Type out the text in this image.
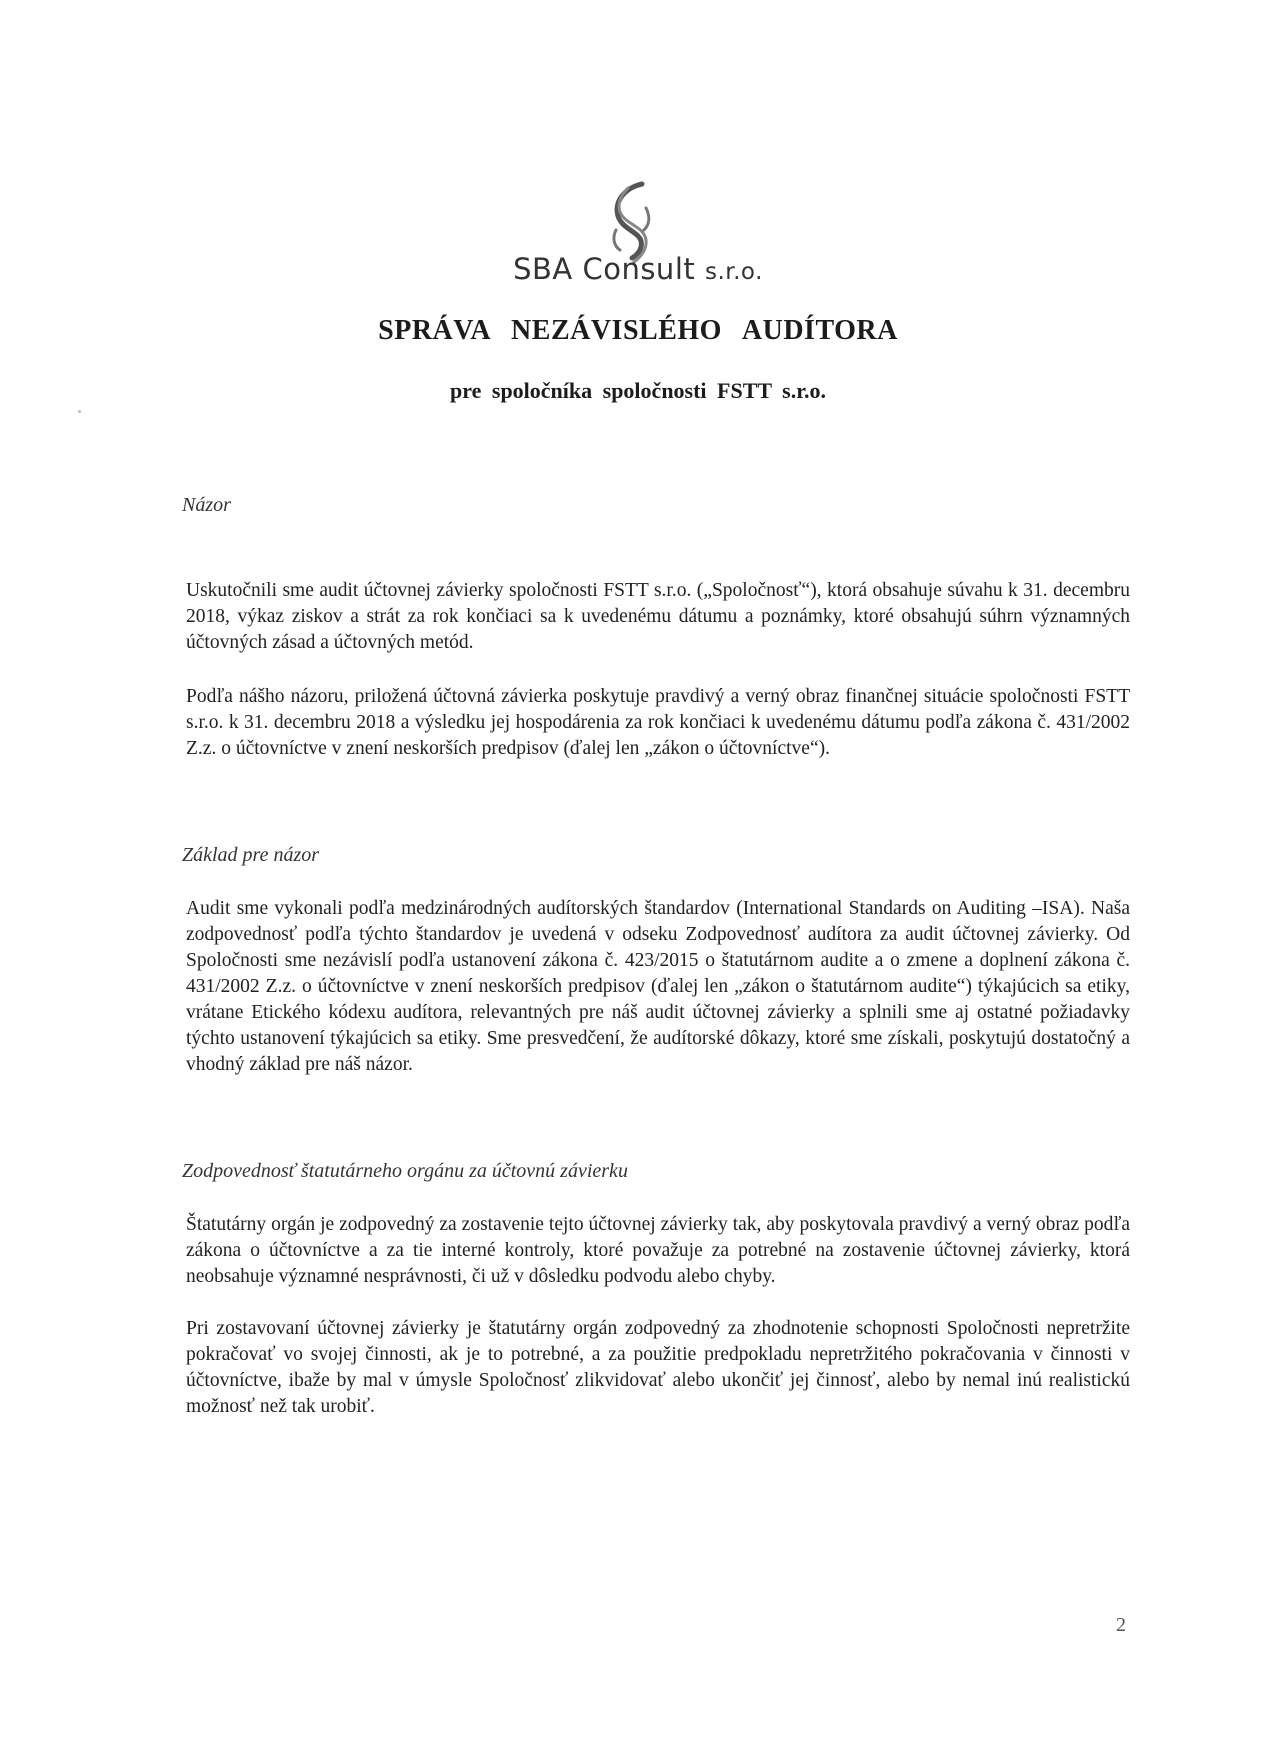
SBA Consult s.r.o.
SPRÁVA NEZÁVISLÉHO AUDÍTORA
pre spoločníka spoločnosti FSTT s.r.o.
Názor

Uskutočnili sme audit účtovnej závierky spoločnosti FSTT s.r.o. („Spoločnosť“), ktorá obsahuje súvahu k 31. decembru 2018, výkaz ziskov a strát za rok končiaci sa k uvedenému dátumu a poznámky, ktoré obsahujú súhrn významných účtovných zásad a účtovných metód.

Podľa nášho názoru, priložená účtovná závierka poskytuje pravdivý a verný obraz finančnej situácie spoločnosti FSTT s.r.o. k 31. decembru 2018 a výsledku jej hospodárenia za rok končiaci k uvedenému dátumu podľa zákona č. 431/2002 Z.z. o účtovníctve v znení neskorších predpisov (ďalej len „zákon o účtovníctve“).

Základ pre názor

Audit sme vykonali podľa medzinárodných audítorských štandardov (International Standards on Auditing –ISA). Naša zodpovednosť podľa týchto štandardov je uvedená v odseku Zodpovednosť audítora za audit účtovnej závierky. Od Spoločnosti sme nezávislí podľa ustanovení zákona č. 423/2015 o štatutárnom audite a o zmene a doplnení zákona č. 431/2002 Z.z. o účtovníctve v znení neskorších predpisov (ďalej len „zákon o štatutárnom audite“) týkajúcich sa etiky, vrátane Etického kódexu audítora, relevantných pre náš audit účtovnej závierky a splnili sme aj ostatné požiadavky týchto ustanovení týkajúcich sa etiky. Sme presvedčení, že audítorské dôkazy, ktoré sme získali, poskytujú dostatočný a vhodný základ pre náš názor.

Zodpovednosť štatutárneho orgánu za účtovnú závierku

Štatutárny orgán je zodpovedný za zostavenie tejto účtovnej závierky tak, aby poskytovala pravdivý a verný obraz podľa zákona o účtovníctve a za tie interné kontroly, ktoré považuje za potrebné na zostavenie účtovnej závierky, ktorá neobsahuje významné nesprávnosti, či už v dôsledku podvodu alebo chyby.

Pri zostavovaní účtovnej závierky je štatutárny orgán zodpovedný za zhodnotenie schopnosti Spoločnosti nepretržite pokračovať vo svojej činnosti, ak je to potrebné, a za použitie predpokladu nepretržitého pokračovania v činnosti v účtovníctve, ibaže by mal v úmysle Spoločnosť zlikvidovať alebo ukončiť jej činnosť, alebo by nemal inú realistickú možnosť než tak urobiť.

2
